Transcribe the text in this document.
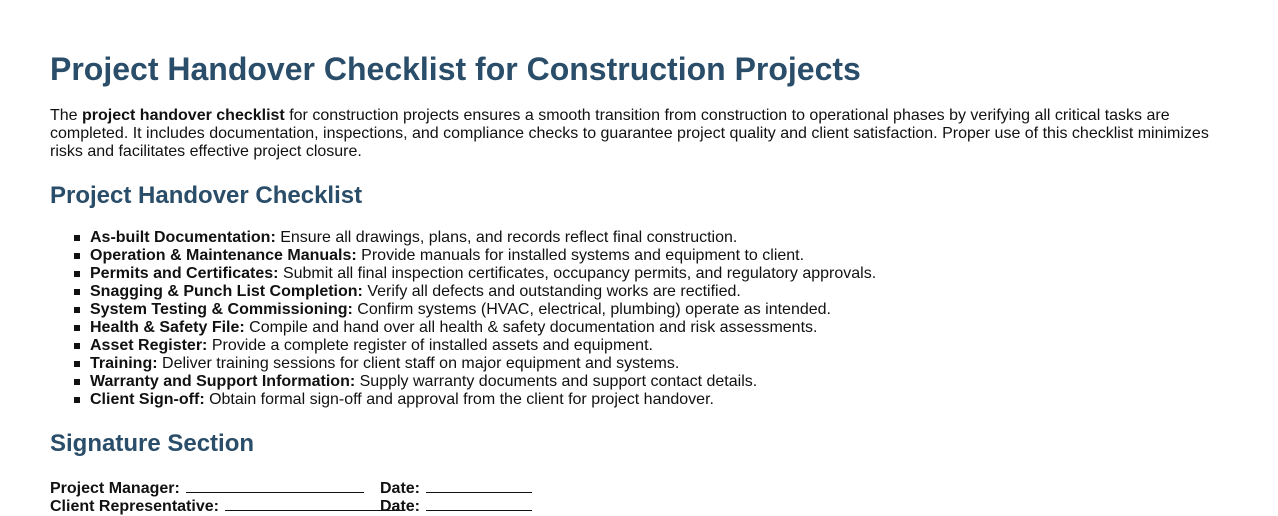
Project Handover Checklist for Construction Projects

The project handover checklist for construction projects ensures a smooth transition from construction to operational phases by verifying all critical tasks are completed. It includes documentation, inspections, and compliance checks to guarantee project quality and client satisfaction. Proper use of this checklist minimizes risks and facilitates effective project closure.

Project Handover Checklist
As-built Documentation: Ensure all drawings, plans, and records reflect final construction.
Operation & Maintenance Manuals: Provide manuals for installed systems and equipment to client.
Permits and Certificates: Submit all final inspection certificates, occupancy permits, and regulatory approvals.
Snagging & Punch List Completion: Verify all defects and outstanding works are rectified.
System Testing & Commissioning: Confirm systems (HVAC, electrical, plumbing) operate as intended.
Health & Safety File: Compile and hand over all health & safety documentation and risk assessments.
Asset Register: Provide a complete register of installed assets and equipment.
Training: Deliver training sessions for client staff on major equipment and systems.
Warranty and Support Information: Supply warranty documents and support contact details.
Client Sign-off: Obtain formal sign-off and approval from the client for project handover.
Signature Section
Project Manager:	Date:
Client Representative:	Date:
